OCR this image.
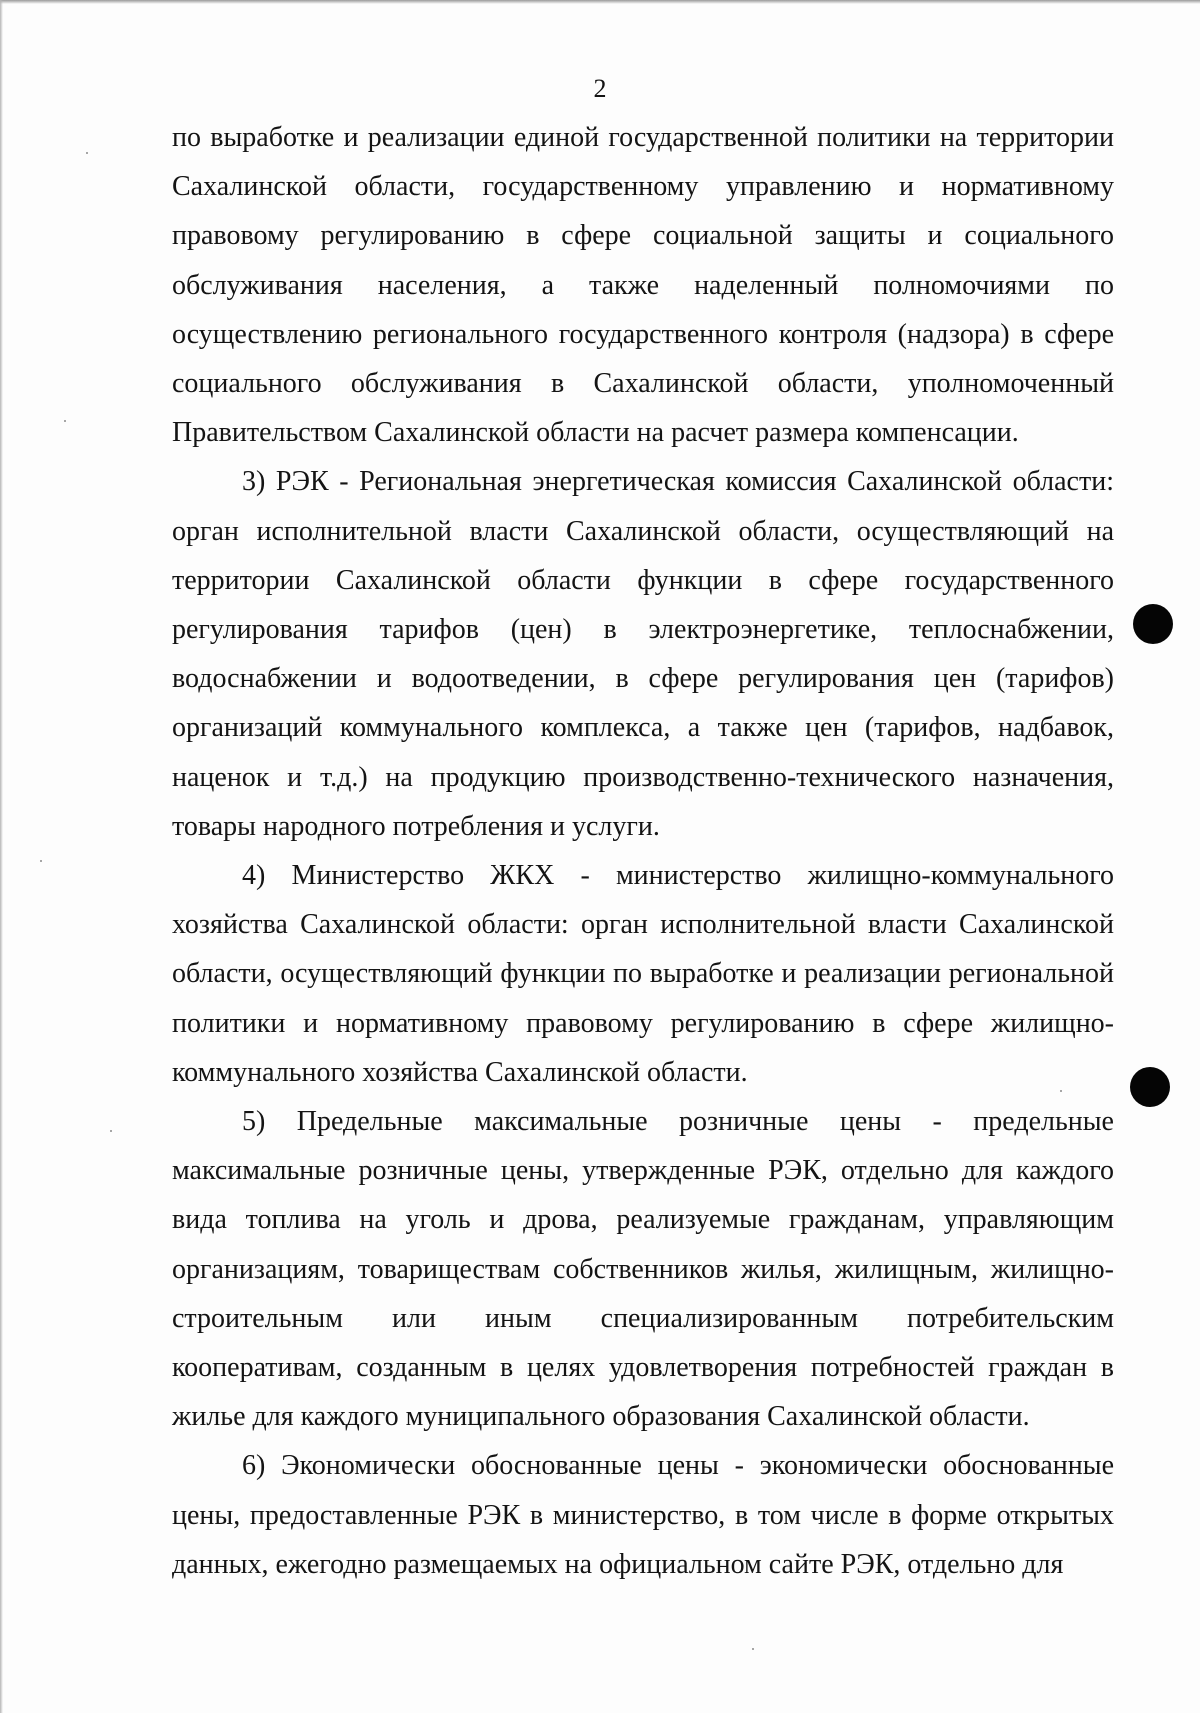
2

по выработке и реализации единой государственной политики на территории Сахалинской области, государственному управлению и нормативному правовому регулированию в сфере социальной защиты и социального обслуживания населения, а также наделенный полномочиями по осуществлению регионального государственного контроля (надзора) в сфере социального обслуживания в Сахалинской области, уполномоченный Правительством Сахалинской области на расчет размера компенсации.

3) РЭК - Региональная энергетическая комиссия Сахалинской области: орган исполнительной власти Сахалинской области, осуществляющий на территории Сахалинской области функции в сфере государственного регулирования тарифов (цен) в электроэнергетике, теплоснабжении, водоснабжении и водоотведении, в сфере регулирования цен (тарифов) организаций коммунального комплекса, а также цен (тарифов, надбавок, наценок и т.д.) на продукцию производственно-технического назначения, товары народного потребления и услуги.

4) Министерство ЖКХ - министерство жилищно-коммунального хозяйства Сахалинской области: орган исполнительной власти Сахалинской области, осуществляющий функции по выработке и реализации региональной политики и нормативному правовому регулированию в сфере жилищно-коммунального хозяйства Сахалинской области.

5) Предельные максимальные розничные цены - предельные максимальные розничные цены, утвержденные РЭК, отдельно для каждого вида топлива на уголь и дрова, реализуемые гражданам, управляющим организациям, товариществам собственников жилья, жилищным, жилищно-строительным или иным специализированным потребительским кооперативам, созданным в целях удовлетворения потребностей граждан в жилье для каждого муниципального образования Сахалинской области.

6) Экономически обоснованные цены - экономически обоснованные цены, предоставленные РЭК в министерство, в том числе в форме открытых данных, ежегодно размещаемых на официальном сайте РЭК, отдельно для
